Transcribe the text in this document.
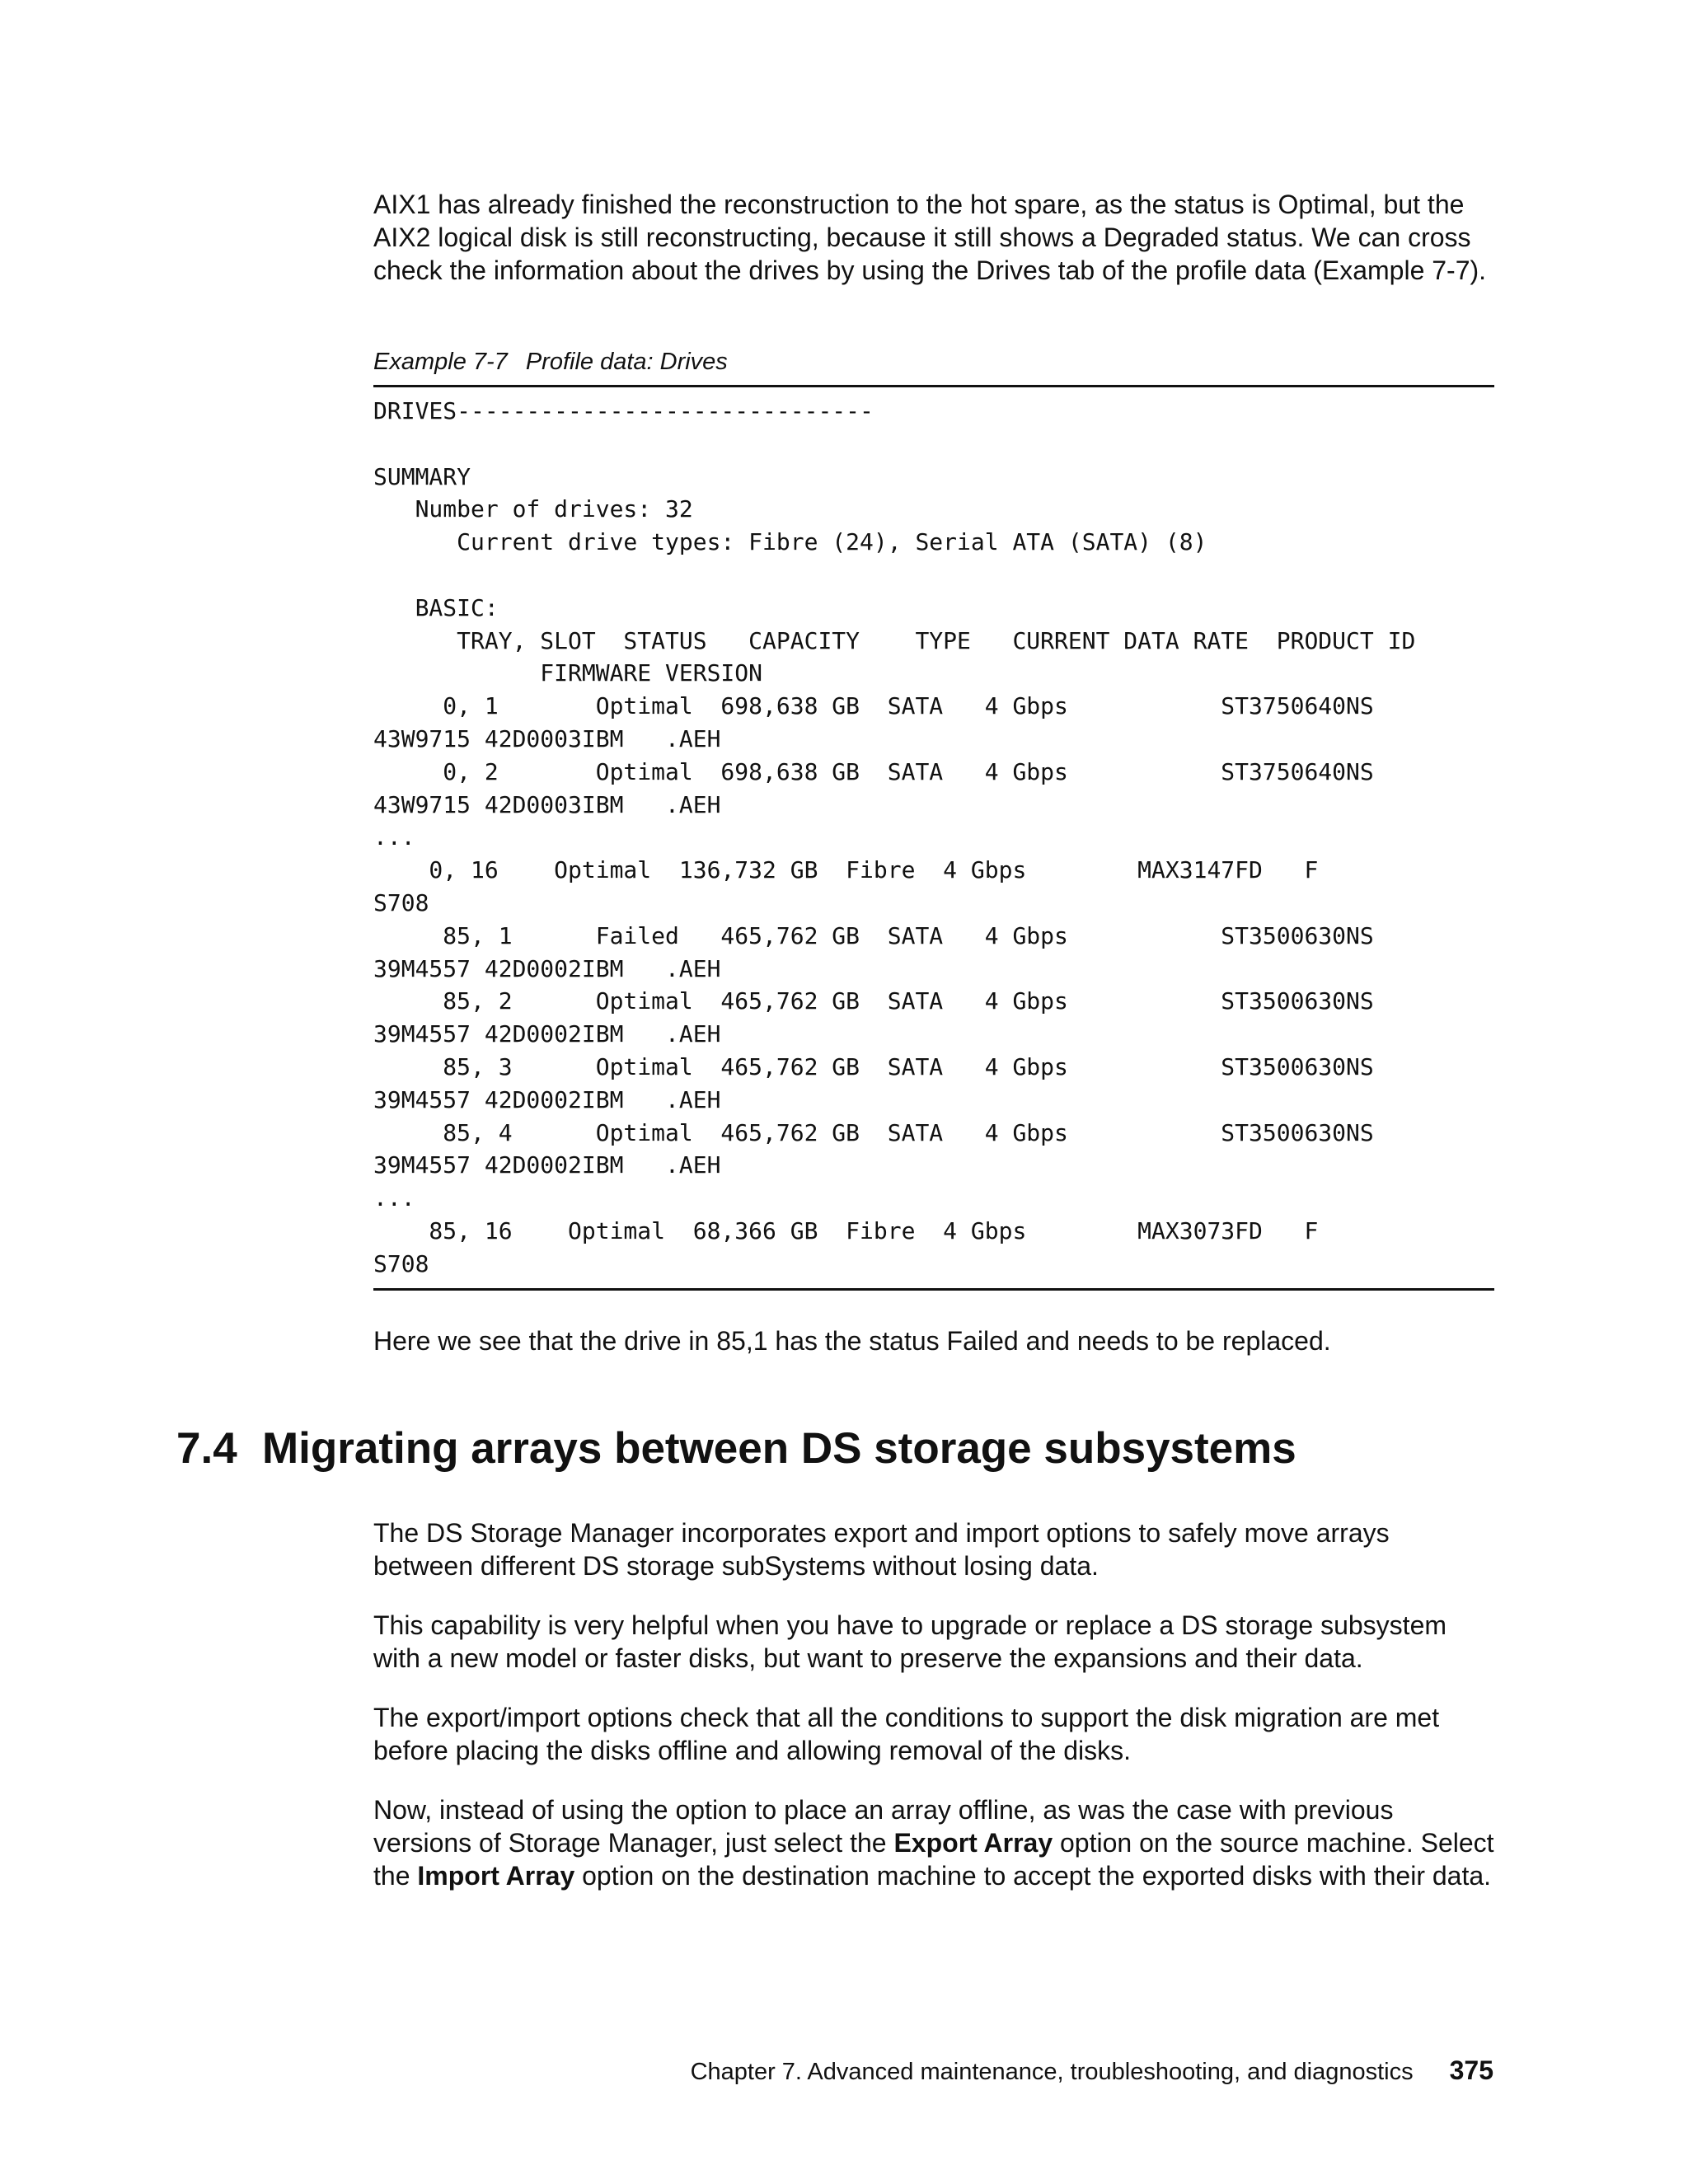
AIX1 has already finished the reconstruction to the hot spare, as the status is Optimal, but the AIX2 logical disk is still reconstructing, because it still shows a Degraded status. We can cross check the information about the drives by using the Drives tab of the profile data (Example 7-7).

Example 7-7 Profile data: Drives
DRIVES------------------------------

SUMMARY
Number of drives: 32
Current drive types: Fibre (24), Serial ATA (SATA) (8)

BASIC:
TRAY, SLOT  STATUS   CAPACITY    TYPE   CURRENT DATA RATE  PRODUCT ID
FIRMWARE VERSION
0, 1       Optimal  698,638 GB  SATA   4 Gbps           ST3750640NS
43W9715 42D0003IBM   .AEH
0, 2       Optimal  698,638 GB  SATA   4 Gbps           ST3750640NS
43W9715 42D0003IBM   .AEH
...
0, 16    Optimal  136,732 GB  Fibre  4 Gbps        MAX3147FD   F
S708
85, 1      Failed   465,762 GB  SATA   4 Gbps           ST3500630NS
39M4557 42D0002IBM   .AEH
85, 2      Optimal  465,762 GB  SATA   4 Gbps           ST3500630NS
39M4557 42D0002IBM   .AEH
85, 3      Optimal  465,762 GB  SATA   4 Gbps           ST3500630NS
39M4557 42D0002IBM   .AEH
85, 4      Optimal  465,762 GB  SATA   4 Gbps           ST3500630NS
39M4557 42D0002IBM   .AEH
...
85, 16    Optimal  68,366 GB  Fibre  4 Gbps        MAX3073FD   F
S708

Here we see that the drive in 85,1 has the status Failed and needs to be replaced.

7.4 Migrating arrays between DS storage subsystems

The DS Storage Manager incorporates export and import options to safely move arrays between different DS storage subSystems without losing data.

This capability is very helpful when you have to upgrade or replace a DS storage subsystem with a new model or faster disks, but want to preserve the expansions and their data.

The export/import options check that all the conditions to support the disk migration are met before placing the disks offline and allowing removal of the disks.

Now, instead of using the option to place an array offline, as was the case with previous versions of Storage Manager, just select the Export Array option on the source machine. Select the Import Array option on the destination machine to accept the exported disks with their data.

Chapter 7. Advanced maintenance, troubleshooting, and diagnostics 375
